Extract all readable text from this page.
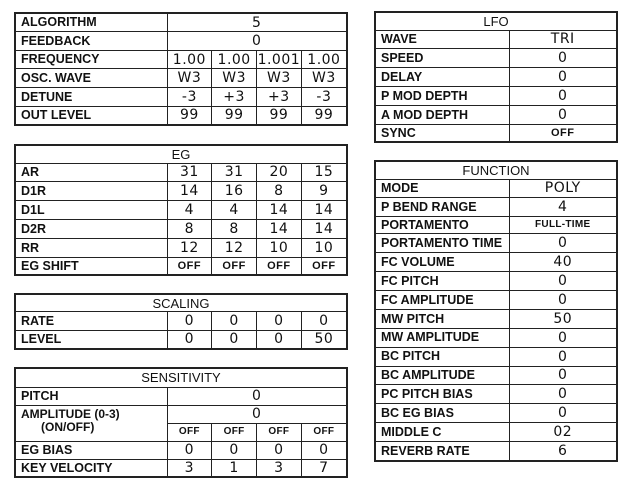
ALGORITHM	5			
FEEDBACK	0			
FREQUENCY	1.00	1.00	1.001	1.00
OSC. WAVE	W3	W3	W3	W3
DETUNE	-3	+3	+3	-3
OUT LEVEL	99	99	99	99
EG				
AR	31	31	20	15
D1R	14	16	8	9
D1L	4	4	14	14
D2R	8	8	14	14
RR	12	12	10	10
EG SHIFT	OFF	OFF	OFF	OFF
SCALING				
RATE	0	0	0	0
LEVEL	0	0	0	50
SENSITIVITY				
PITCH	0			

AMPLITUDE (0-3)
(ON/OFF)	0			
	OFF	OFF	OFF	OFF
EG BIAS	0	0	0	0
KEY VELOCITY	3	1	3	7
LFO	
WAVE	TRI
SPEED	0
DELAY	0
P MOD DEPTH	0
A MOD DEPTH	0
SYNC	OFF
FUNCTION	
MODE	POLY
P BEND RANGE	4
PORTAMENTO	FULL-TIME
PORTAMENTO TIME	0
FC VOLUME	40
FC PITCH	0
FC AMPLITUDE	0
MW PITCH	50
MW AMPLITUDE	0
BC PITCH	0
BC AMPLITUDE	0
PC PITCH BIAS	0
BC EG BIAS	0
MIDDLE C	02
REVERB RATE	6
